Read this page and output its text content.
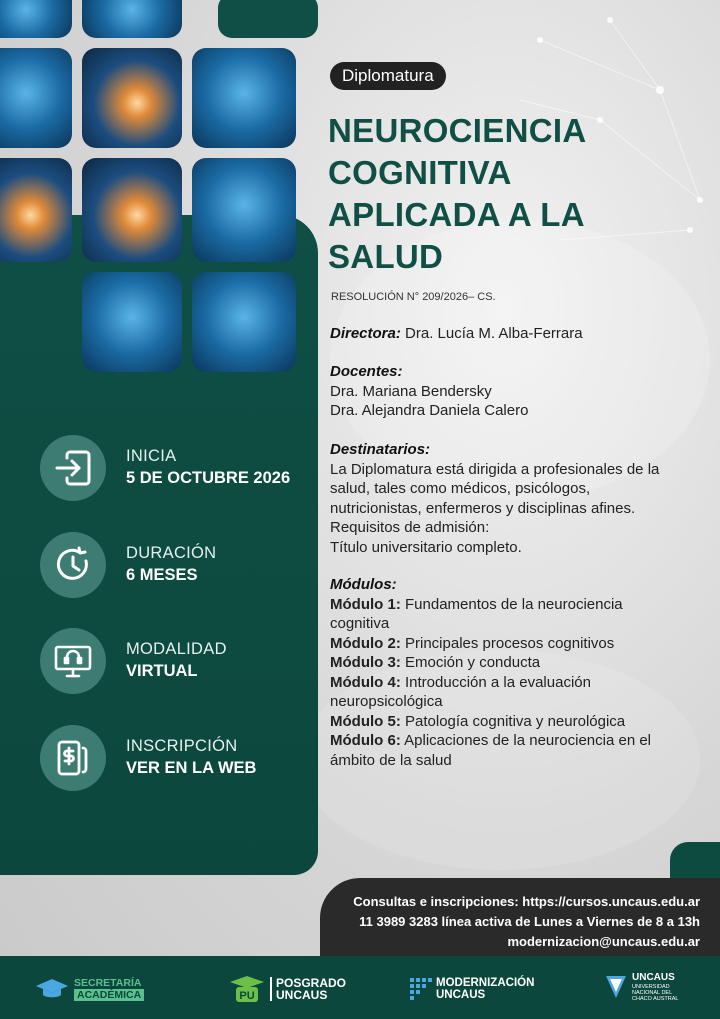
Diplomatura
NEUROCIENCIA
COGNITIVA
APLICADA A LA
SALUD
RESOLUCIÓN N° 209/2026– CS.
Directora: Dra. Lucía M. Alba-Ferrara
Docentes:
Dra. Mariana Bendersky
Dra. Alejandra Daniela Calero
Destinatarios:
La Diplomatura está dirigida a profesionales de la
salud, tales como médicos, psicólogos,
nutricionistas, enfermeros y disciplinas afines.
Requisitos de admisión:
Título universitario completo.
Módulos:
Módulo 1: Fundamentos de la neurociencia
cognitiva
Módulo 2: Principales procesos cognitivos
Módulo 3: Emoción y conducta
Módulo 4: Introducción a la evaluación
neuropsicológica
Módulo 5: Patología cognitiva y neurológica
Módulo 6: Aplicaciones de la neurociencia en el
ámbito de la salud
INICIA
5 DE OCTUBRE 2026
DURACIÓN
6 MESES
MODALIDAD
VIRTUAL
INSCRIPCIÓN
VER EN LA WEB
Consultas e inscripciones: https://cursos.uncaus.edu.ar
11 3989 3283 línea activa de Lunes a Viernes de 8 a 13h
modernizacion@uncaus.edu.ar
SECRETARÍA
ACADÉMICA	PU
POSGRADO
UNCAUS
MODERNIZACIÓN
UNCAUS
UNCAUS
UNIVERSIDAD
NACIONAL DEL
CHACO AUSTRAL
